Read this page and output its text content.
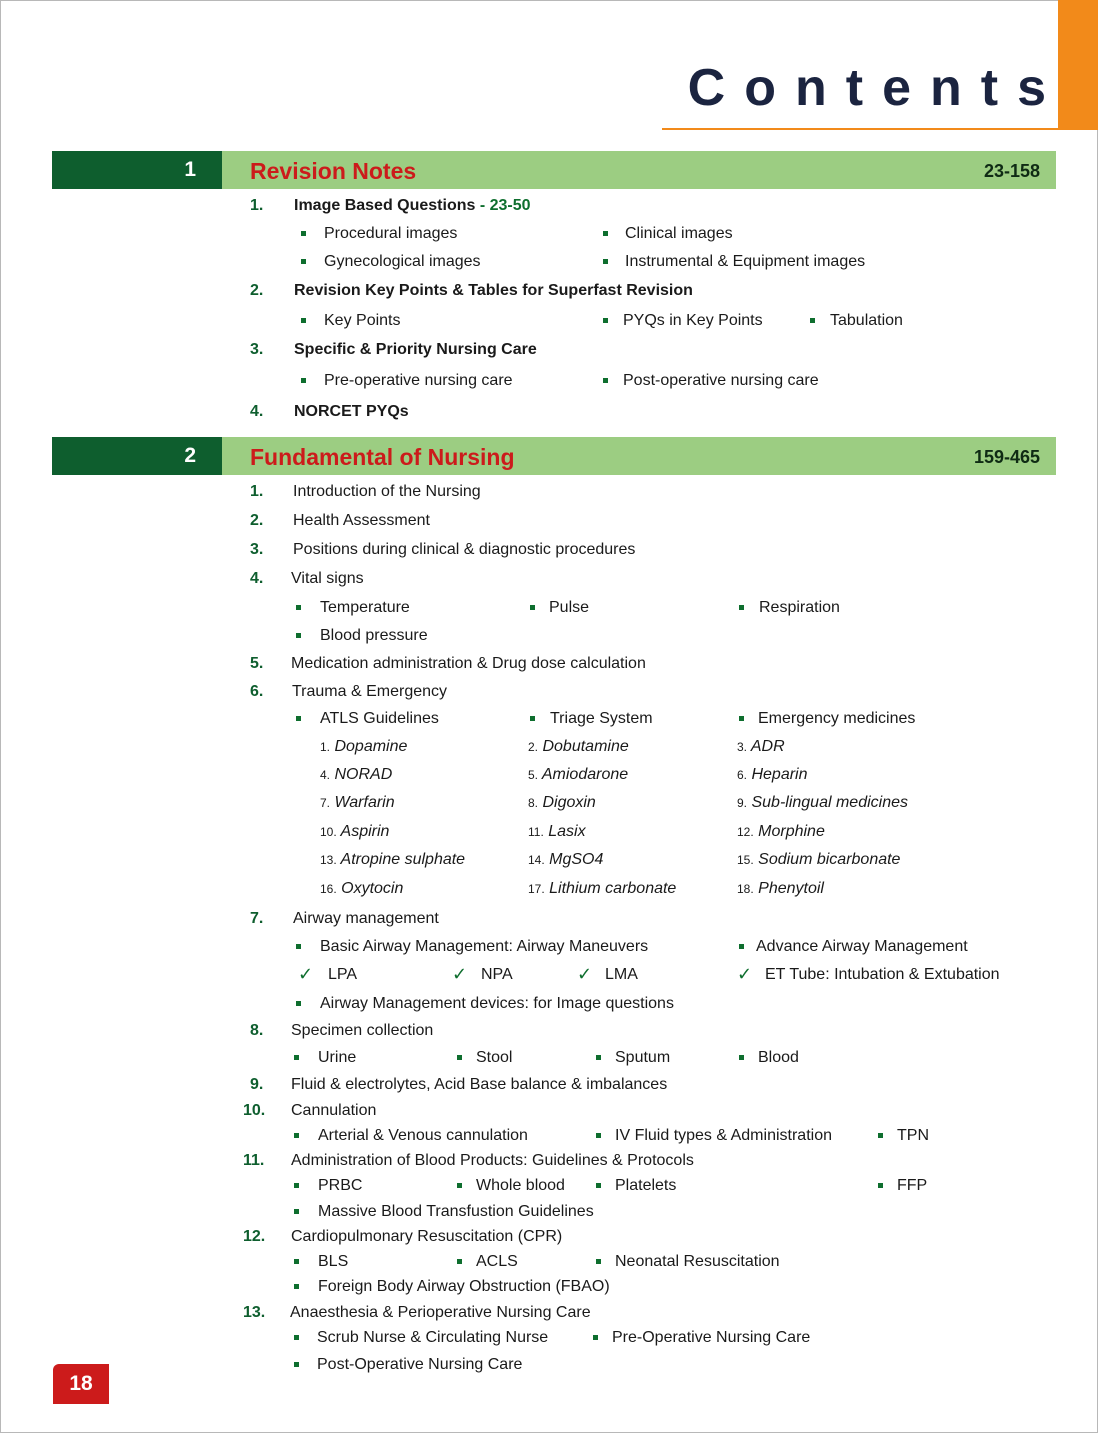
Contents
1	Revision Notes	23-158
1. Image Based Questions - 23-50
Procedural images	Clinical images
Gynecological images	Instrumental & Equipment images
2. Revision Key Points & Tables for Superfast Revision
Key Points	PYQs in Key Points	Tabulation
3. Specific & Priority Nursing Care
Pre-operative nursing care	Post-operative nursing care
4. NORCET PYQs
2	Fundamental of Nursing	159-465
1. Introduction of the Nursing
2. Health Assessment
3. Positions during clinical & diagnostic procedures
4. Vital signs
Temperature	Pulse	Respiration
Blood pressure
5. Medication administration & Drug dose calculation
6. Trauma & Emergency
ATLS Guidelines	Triage System	Emergency medicines
1. Dopamine	2. Dobutamine	3. ADR
4. NORAD	5. Amiodarone	6. Heparin
7. Warfarin	8. Digoxin	9. Sub-lingual medicines
10. Aspirin	11. Lasix	12. Morphine
13. Atropine sulphate	14. MgSO4	15. Sodium bicarbonate
16. Oxytocin	17. Lithium carbonate	18. Phenytoil
7. Airway management
Basic Airway Management: Airway Maneuvers	Advance Airway Management
✓ LPA	✓ NPA	✓ LMA	✓ ET Tube: Intubation & Extubation
Airway Management devices: for Image questions
8. Specimen collection
Urine	Stool	Sputum	Blood
9. Fluid & electrolytes, Acid Base balance & imbalances
10. Cannulation
Arterial & Venous cannulation	IV Fluid types & Administration	TPN
11. Administration of Blood Products: Guidelines & Protocols
PRBC	Whole blood	Platelets	FFP
Massive Blood Transfustion Guidelines
12. Cardiopulmonary Resuscitation (CPR)
BLS	ACLS	Neonatal Resuscitation
Foreign Body Airway Obstruction (FBAO)
13. Anaesthesia & Perioperative Nursing Care
Scrub Nurse & Circulating Nurse	Pre-Operative Nursing Care
Post-Operative Nursing Care
18
